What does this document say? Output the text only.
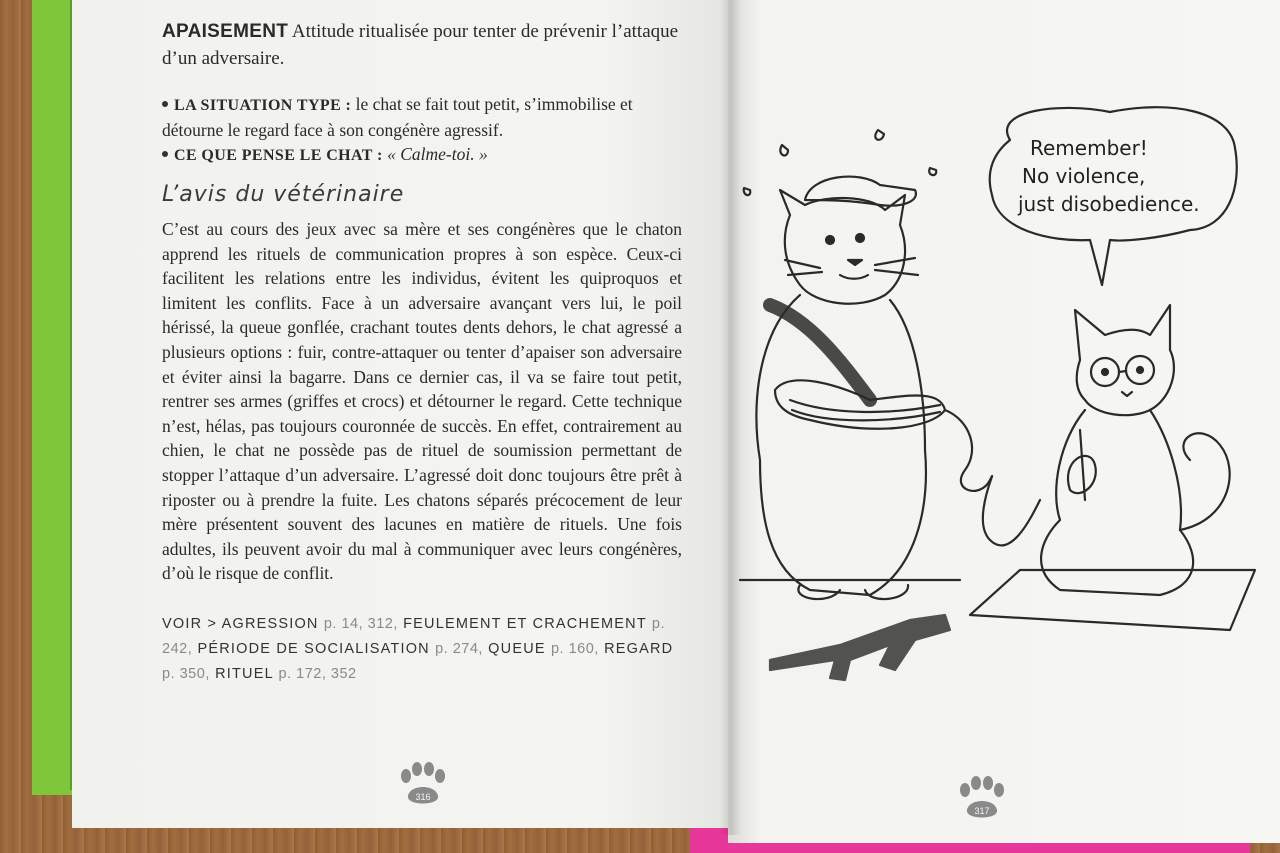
APAISEMENT Attitude ritualisée pour tenter de prévenir l’attaque d’un adversaire.

LA SITUATION TYPE : le chat se fait tout petit, s’immobilise et détourne le regard face à son congénère agressif.
CE QUE PENSE LE CHAT : « Calme-toi. »
L’avis du vétérinaire
C’est au cours des jeux avec sa mère et ses congénères que le chaton apprend les rituels de communication propres à son espèce. Ceux-ci facilitent les relations entre les individus, évitent les quiproquos et limitent les conflits. Face à un adversaire avançant vers lui, le poil hérissé, la queue gonflée, crachant toutes dents dehors, le chat agressé a plusieurs options : fuir, contre-attaquer ou tenter d’apaiser son adversaire et éviter ainsi la bagarre. Dans ce dernier cas, il va se faire tout petit, rentrer ses armes (griffes et crocs) et détourner le regard. Cette technique n’est, hélas, pas toujours couronnée de succès. En effet, contrairement au chien, le chat ne possède pas de rituel de soumission permettant de stopper l’attaque d’un adversaire. L’agressé doit donc toujours être prêt à riposter ou à prendre la fuite. Les chatons séparés précocement de leur mère présentent souvent des lacunes en matière de rituels. Une fois adultes, ils peuvent avoir du mal à communiquer avec leurs congénères, d’où le risque de conflit.
VOIR > AGRESSION p. 14, 312, FEULEMENT ET CRACHEMENT p. 242, PÉRIODE DE SOCIALISATION p. 274, QUEUE p. 160, REGARD p. 350, RITUEL p. 172, 352
316
317
Remember!
No violence,
just disobedience.
